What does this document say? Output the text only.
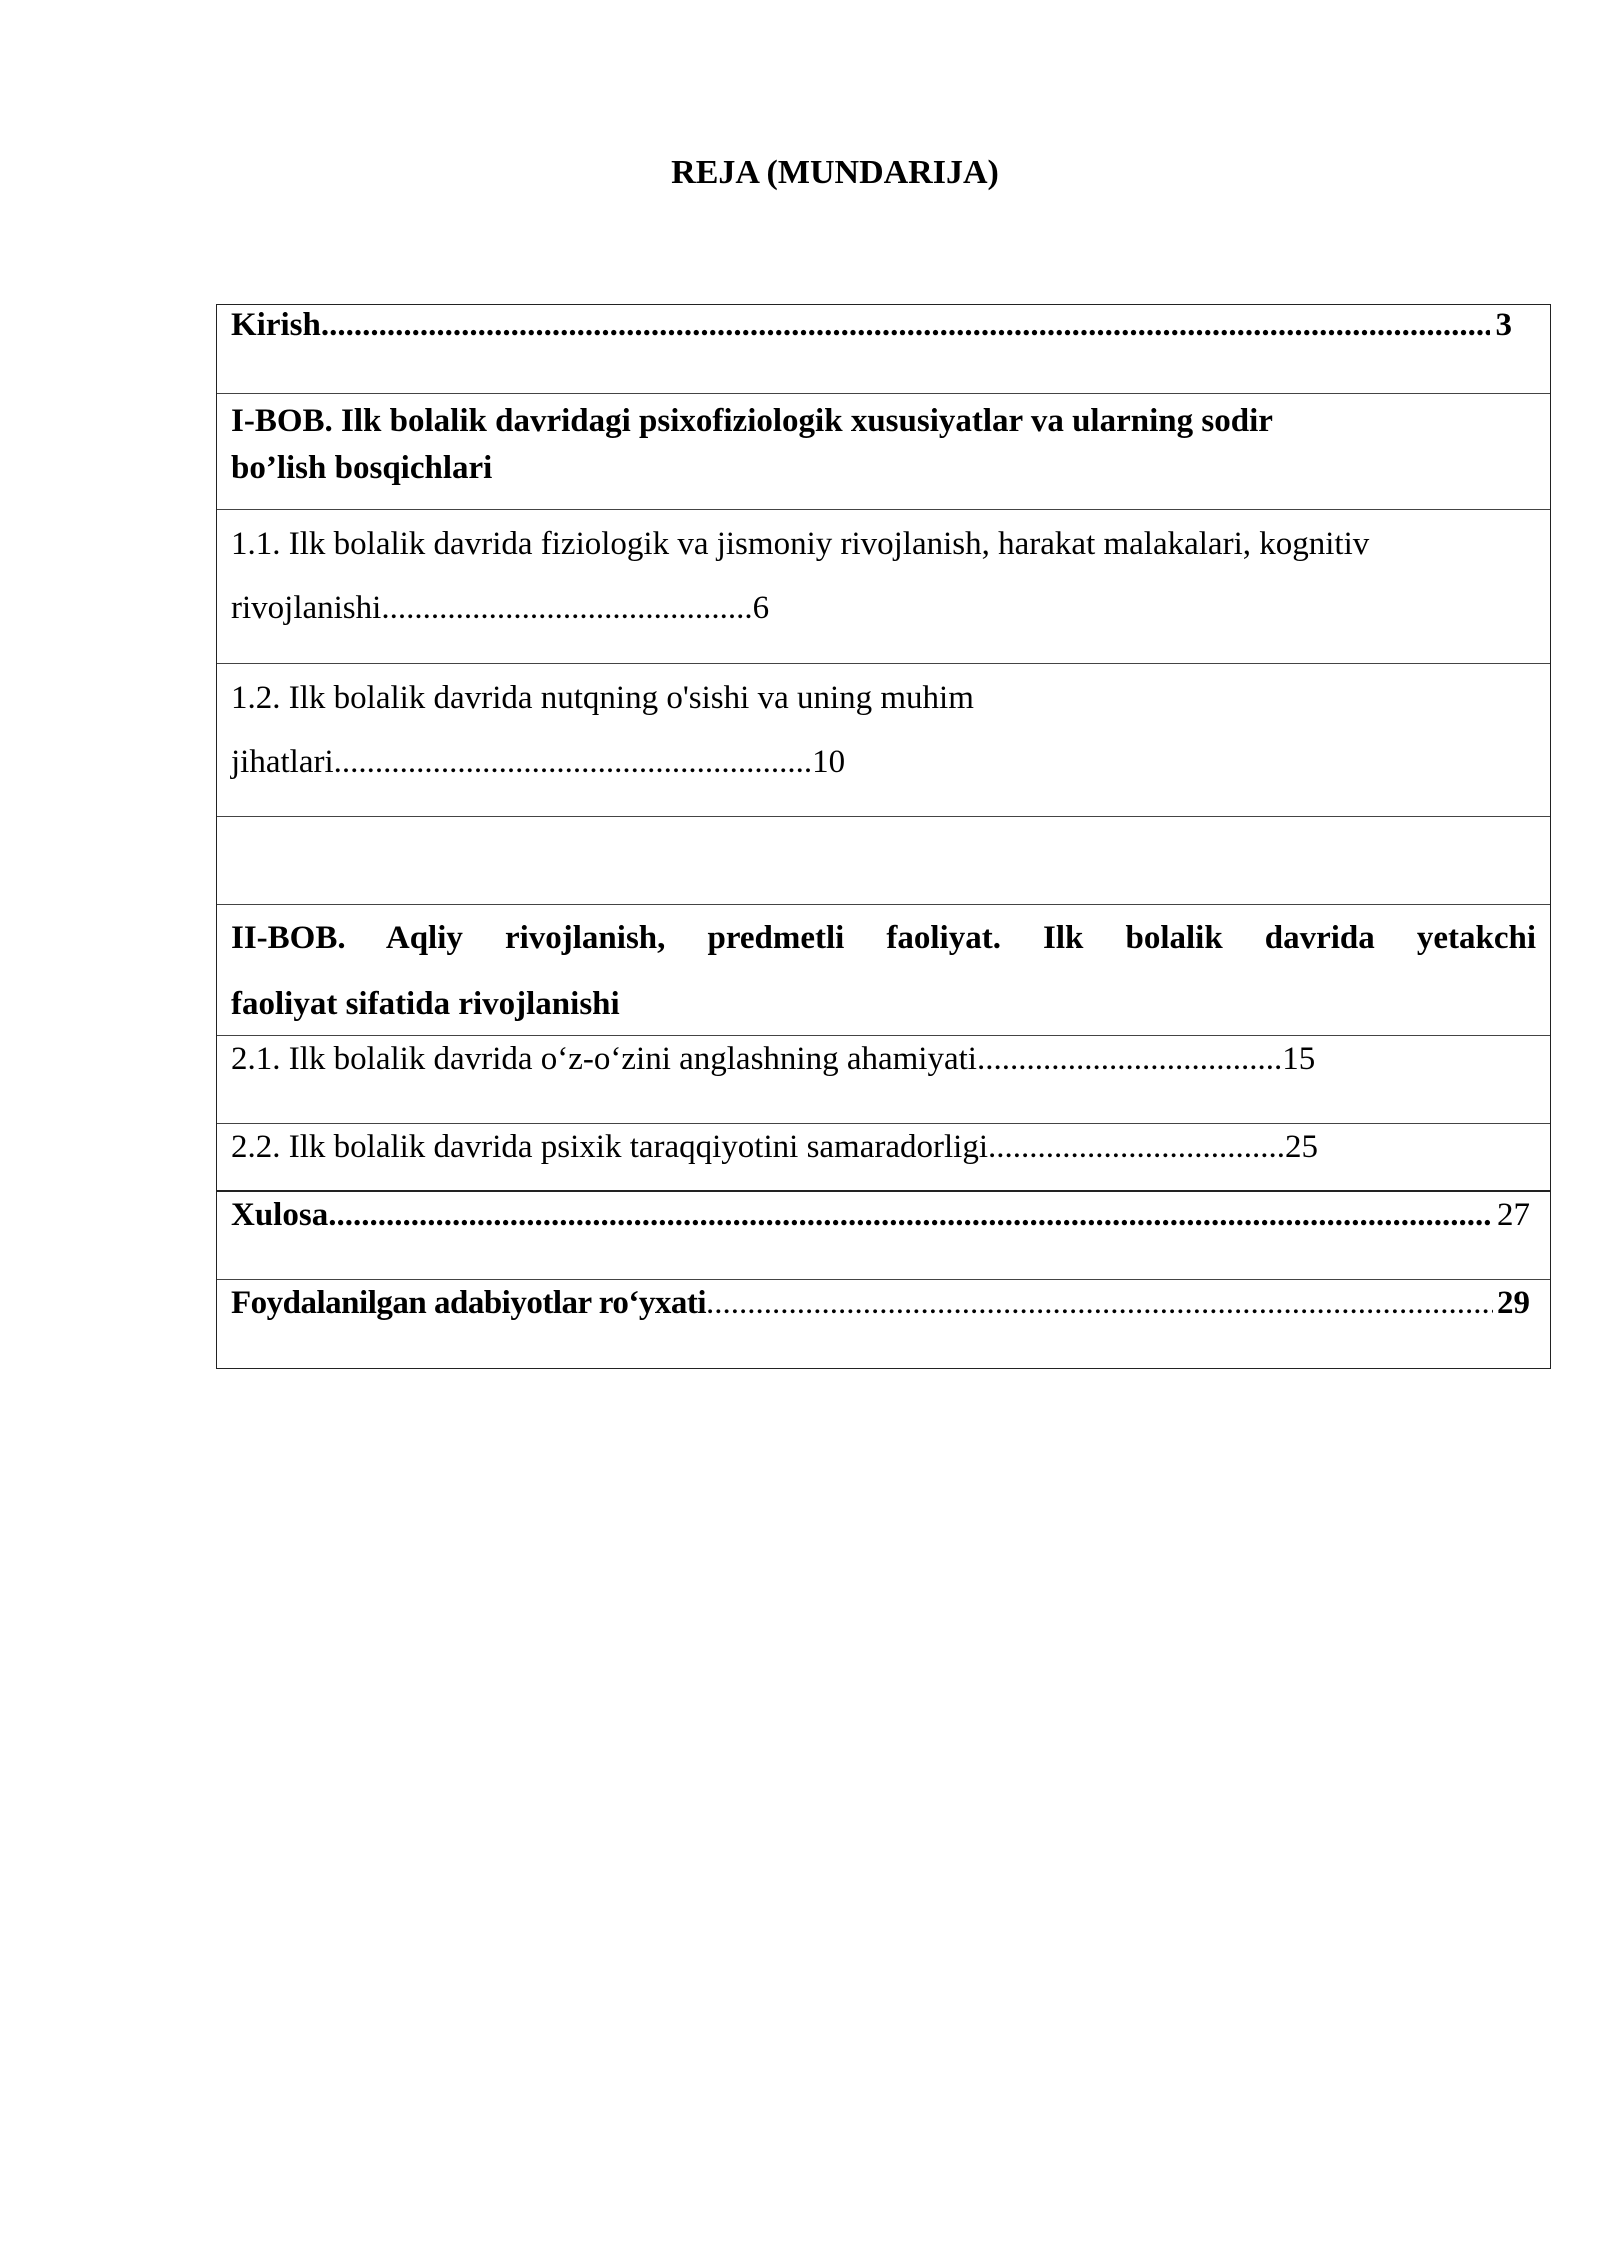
REJA (MUNDARIJA)
Kirish .....	3
I-BOB. Ilk bolalik davridagi psixofiziologik xususiyatlar va ularning sodir
bo’lish bosqichlari
1.1. Ilk bolalik davrida fiziologik va jismoniy rivojlanish, harakat malakalari, kognitiv
rivojlanishi.............................................6
1.2. Ilk bolalik davrida nutqning o'sishi va uning muhim
jihatlari..........................................................10
II-BOB. Aqliy rivojlanish, predmetli faoliyat. Ilk bolalik davrida yetakchi
faoliyat sifatida rivojlanishi
2.1. Ilk bolalik davrida o‘z-o‘zini anglashning ahamiyati.....................................15
2.2. Ilk bolalik davrida psixik taraqqiyotini samaradorligi....................................25
Xulosa .....	27
Foydalanilgan adabiyotlar ro‘yxati .....	29
